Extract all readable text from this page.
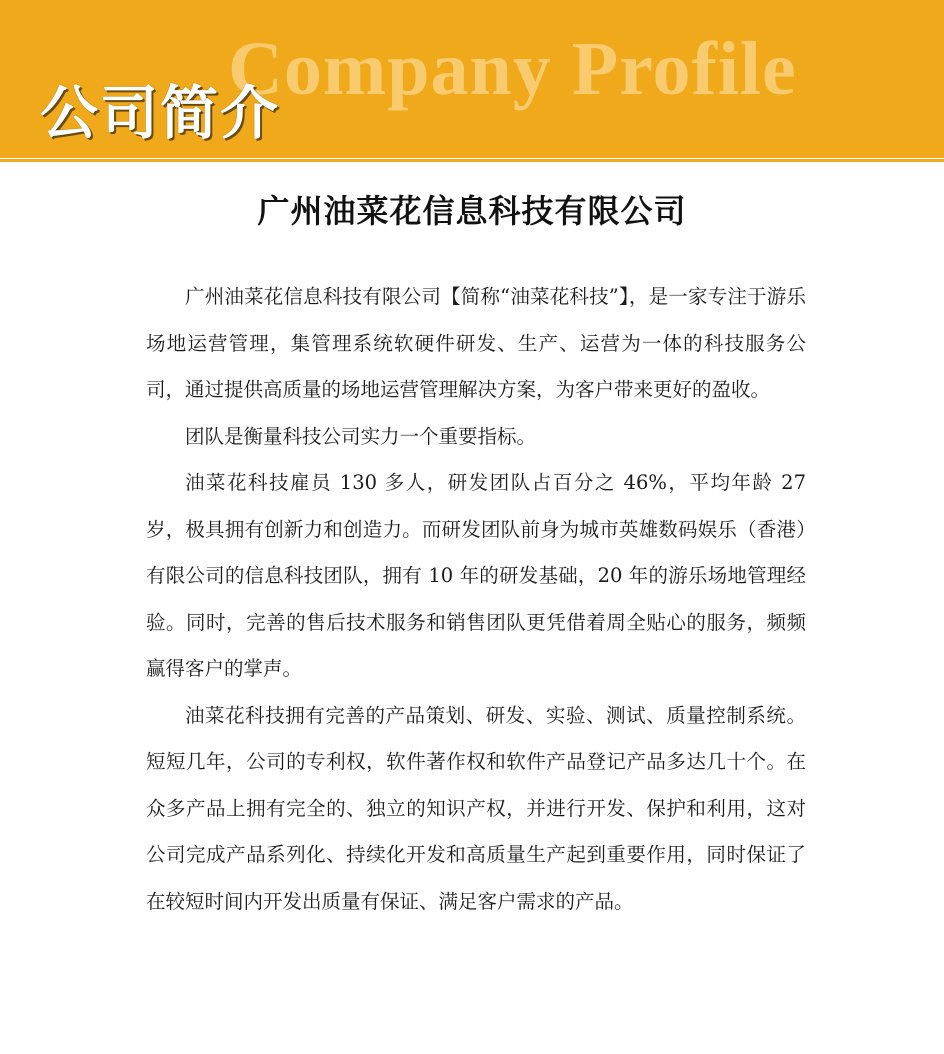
Company Profile
公司简介
广州油菜花信息科技有限公司

广州油菜花信息科技有限公司【简称“油菜花科技”】，是一家专注于游乐场地运营管理，集管理系统软硬件研发、生产、运营为一体的科技服务公司，通过提供高质量的场地运营管理解决方案，为客户带来更好的盈收。

团队是衡量科技公司实力一个重要指标。

油菜花科技雇员 130 多人，研发团队占百分之 46%，平均年龄 27 岁，极具拥有创新力和创造力。而研发团队前身为城市英雄数码娱乐（香港）有限公司的信息科技团队，拥有 10 年的研发基础，20 年的游乐场地管理经验。同时，完善的售后技术服务和销售团队更凭借着周全贴心的服务，频频赢得客户的掌声。

油菜花科技拥有完善的产品策划、研发、实验、测试、质量控制系统。短短几年，公司的专利权，软件著作权和软件产品登记产品多达几十个。在众多产品上拥有完全的、独立的知识产权，并进行开发、保护和利用，这对公司完成产品系列化、持续化开发和高质量生产起到重要作用，同时保证了在较短时间内开发出质量有保证、满足客户需求的产品。
